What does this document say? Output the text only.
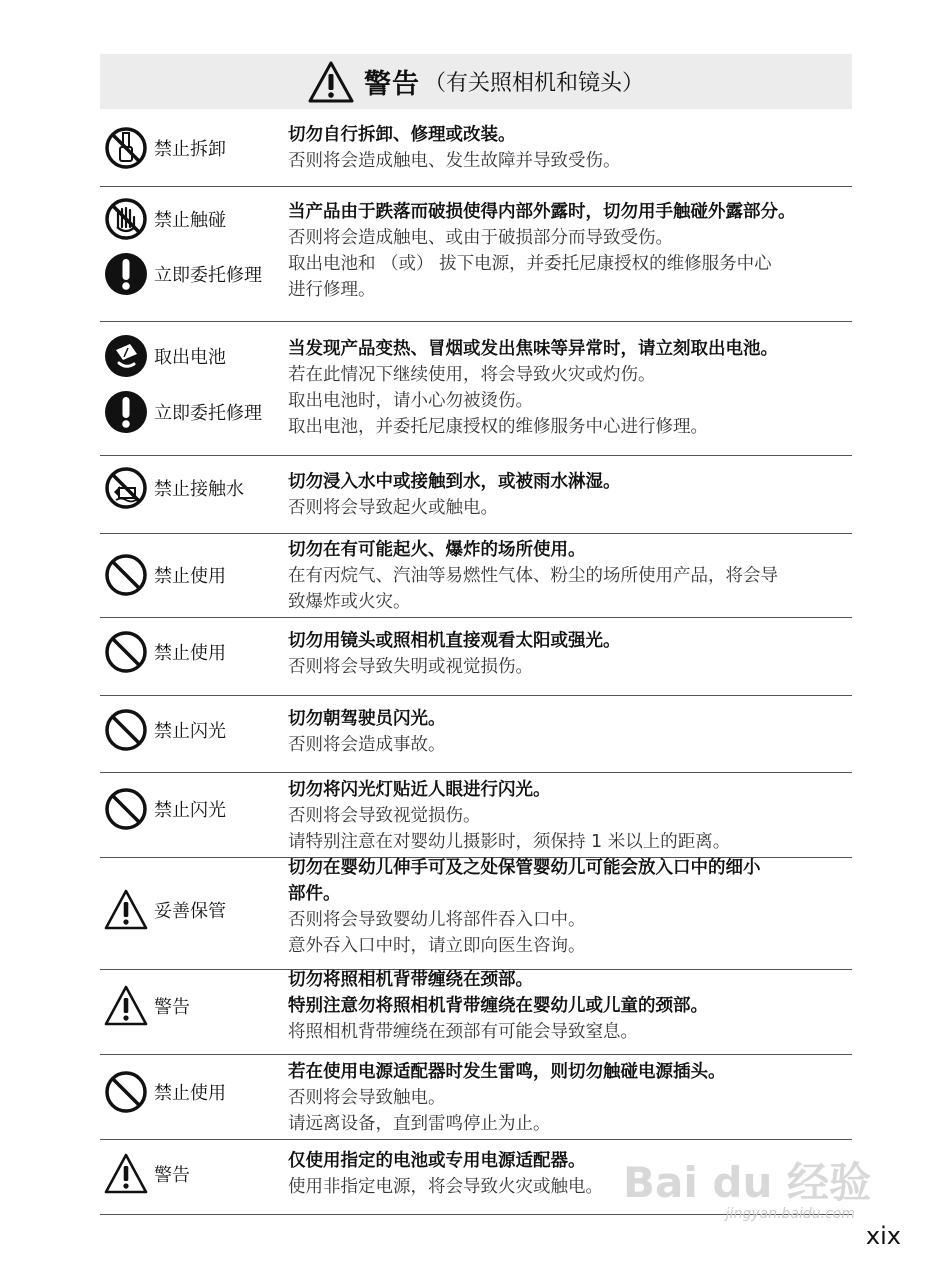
警告 （有关照相机和镜头）
禁止拆卸
切勿自行拆卸、修理或改装。
否则将会造成触电、发生故障并导致受伤。
禁止触碰
立即委托修理
当产品由于跌落而破损使得内部外露时，切勿用手触碰外露部分。
否则将会造成触电、或由于破损部分而导致受伤。
取出电池和 （或） 拔下电源，并委托尼康授权的维修服务中心
进行修理。
取出电池
立即委托修理
当发现产品变热、冒烟或发出焦味等异常时，请立刻取出电池。
若在此情况下继续使用，将会导致火灾或灼伤。
取出电池时，请小心勿被烫伤。
取出电池，并委托尼康授权的维修服务中心进行修理。
禁止接触水	切勿浸入水中或接触到水，或被雨水淋湿。
否则将会导致起火或触电。
禁止使用
切勿在有可能起火、爆炸的场所使用。
在有丙烷气、汽油等易燃性气体、粉尘的场所使用产品，将会导
致爆炸或火灾。
禁止使用
切勿用镜头或照相机直接观看太阳或强光。
否则将会导致失明或视觉损伤。
禁止闪光
切勿朝驾驶员闪光。
否则将会造成事故。
禁止闪光
切勿将闪光灯贴近人眼进行闪光。
否则将会导致视觉损伤。
请特别注意在对婴幼儿摄影时，须保持 1 米以上的距离。
妥善保管
切勿在婴幼儿伸手可及之处保管婴幼儿可能会放入口中的细小
部件。
否则将会导致婴幼儿将部件吞入口中。
意外吞入口中时，请立即向医生咨询。
警告
切勿将照相机背带缠绕在颈部。
特别注意勿将照相机背带缠绕在婴幼儿或儿童的颈部。
将照相机背带缠绕在颈部有可能会导致窒息。
禁止使用
若在使用电源适配器时发生雷鸣，则切勿触碰电源插头。
否则将会导致触电。
请远离设备，直到雷鸣停止为止。
警告
仅使用指定的电池或专用电源适配器。
使用非指定电源，将会导致火灾或触电。 Bai du 经验
jingyan.baidu.com
xix
